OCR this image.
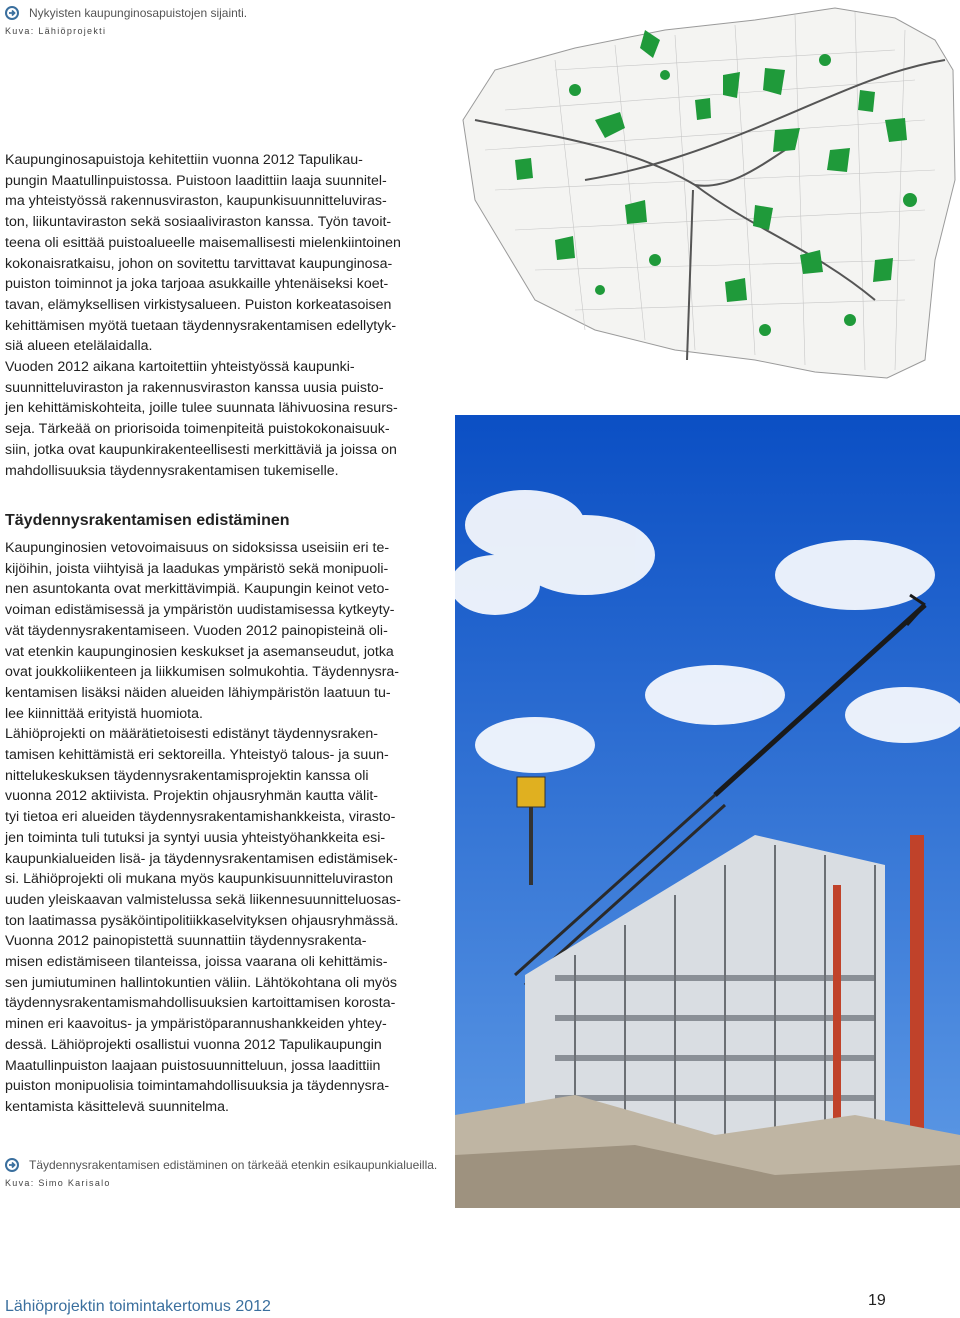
Nykyisten kaupunginosapuistojen sijainti.
Kuva: Lähiöprojekti
Kaupunginosapuistoja kehitettiin vuonna 2012 Tapulikau-
pungin Maatullinpuistossa. Puistoon laadittiin laaja suunnitel-
ma yhteistyössä rakennusviraston, kaupunkisuunnitteluviras-
ton, liikuntaviraston sekä sosiaaliviraston kanssa. Työn tavoit-
teena oli esittää puistoalueelle maisemallisesti mielenkiintoinen
kokonaisratkaisu, johon on sovitettu tarvittavat kaupunginosa-
puiston toiminnot ja joka tarjoaa asukkaille yhtenäiseksi koet-
tavan, elämyksellisen virkistysalueen. Puiston korkeatasoisen
kehittämisen myötä tuetaan täydennysrakentamisen edellytyk-
siä alueen etelälaidalla.
Vuoden 2012 aikana kartoitettiin yhteistyössä kaupunki-
suunnitteluviraston ja rakennusviraston kanssa uusia puisto-
jen kehittämiskohteita, joille tulee suunnata lähivuosina resurs-
seja. Tärkeää on priorisoida toimenpiteitä puistokokonaisuuk-
siin, jotka ovat kaupunkirakenteellisesti merkittäviä ja joissa on
mahdollisuuksia täydennysrakentamisen tukemiselle.
Täydennysrakentamisen edistäminen
Kaupunginosien vetovoimaisuus on sidoksissa useisiin eri te-
kijöihin, joista viihtyisä ja laadukas ympäristö sekä monipuoli-
nen asuntokanta ovat merkittävimpiä. Kaupungin keinot veto-
voiman edistämisessä ja ympäristön uudistamisessa kytkeyty-
vät täydennysrakentamiseen. Vuoden 2012 painopisteinä oli-
vat etenkin kaupunginosien keskukset ja asemanseudut, jotka
ovat joukkoliikenteen ja liikkumisen solmukohtia. Täydennysra-
kentamisen lisäksi näiden alueiden lähiympäristön laatuun tu-
lee kiinnittää erityistä huomiota.
Lähiöprojekti on määrätietoisesti edistänyt täydennysraken-
tamisen kehittämistä eri sektoreilla. Yhteistyö talous- ja suun-
nittelukeskuksen täydennysrakentamisprojektin kanssa oli
vuonna 2012 aktiivista. Projektin ohjausryhmän kautta välit-
tyi tietoa eri alueiden täydennysrakentamishankkeista, virasto-
jen toiminta tuli tutuksi ja syntyi uusia yhteistyöhankkeita esi-
kaupunkialueiden lisä- ja täydennysrakentamisen edistämisek-
si. Lähiöprojekti oli mukana myös kaupunkisuunnitteluviraston
uuden yleiskaavan valmistelussa sekä liikennesuunnitteluosas-
ton laatimassa pysäköintipolitiikkaselvityksen ohjausryhmässä.
Vuonna 2012 painopistettä suunnattiin täydennysrakenta-
misen edistämiseen tilanteissa, joissa vaarana oli kehittämis-
sen jumiutuminen hallintokuntien väliin. Lähtökohtana oli myös
täydennysrakentamismahdollisuuksien kartoittamisen korosta-
minen eri kaavoitus- ja ympäristöparannushankkeiden yhtey-
dessä. Lähiöprojekti osallistui vuonna 2012 Tapulikaupungin
Maatullinpuiston laajaan puistosuunnitteluun, jossa laadittiin
puiston monipuolisia toimintamahdollisuuksia ja täydennysra-
kentamista käsittelevä suunnitelma.
Täydennysrakentamisen edistäminen on tärkeää etenkin esikaupunkialueilla.
Kuva: Simo Karisalo
Lähiöprojektin toimintakertomus 2012	19
